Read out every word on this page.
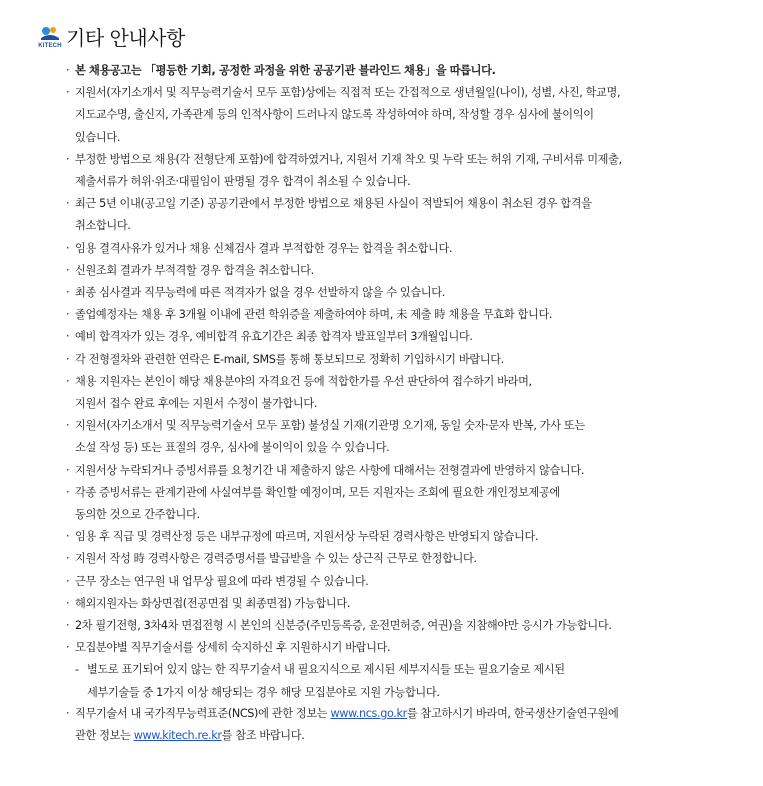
KITECH 기타 안내사항
· 본 채용공고는 「평등한 기회, 공정한 과정을 위한 공공기관 블라인드 채용」을 따릅니다.
· 지원서(자기소개서 및 직무능력기술서 모두 포함)상에는 직접적 또는 간접적으로 생년월일(나이), 성별, 사진, 학교명,
지도교수명, 출신지, 가족관계 등의 인적사항이 드러나지 않도록 작성하여야 하며, 작성할 경우 심사에 불이익이
있습니다.
· 부정한 방법으로 채용(각 전형단계 포함)에 합격하였거나, 지원서 기재 착오 및 누락 또는 허위 기재, 구비서류 미제출,
제출서류가 허위·위조·대필임이 판명될 경우 합격이 취소될 수 있습니다.
· 최근 5년 이내(공고일 기준) 공공기관에서 부정한 방법으로 채용된 사실이 적발되어 채용이 취소된 경우 합격을
취소합니다.
· 임용 결격사유가 있거나 채용 신체검사 결과 부적합한 경우는 합격을 취소합니다.
· 신원조회 결과가 부적격할 경우 합격을 취소합니다.
· 최종 심사결과 직무능력에 따른 적격자가 없을 경우 선발하지 않을 수 있습니다.
· 졸업예정자는 채용 후 3개월 이내에 관련 학위증을 제출하여야 하며, 未 제출 時 채용을 무효화 합니다.
· 예비 합격자가 있는 경우, 예비합격 유효기간은 최종 합격자 발표일부터 3개월입니다.
· 각 전형절차와 관련한 연락은 E-mail, SMS를 통해 통보되므로 정확히 기입하시기 바랍니다.
· 채용 지원자는 본인이 해당 채용분야의 자격요건 등에 적합한가를 우선 판단하여 접수하기 바라며,
지원서 접수 완료 후에는 지원서 수정이 불가합니다.
· 지원서(자기소개서 및 직무능력기술서 모두 포함) 불성실 기재(기관명 오기재, 동일 숫자·문자 반복, 가사 또는
소설 작성 등) 또는 표절의 경우, 심사에 불이익이 있을 수 있습니다.
· 지원서상 누락되거나 증빙서류를 요청기간 내 제출하지 않은 사항에 대해서는 전형결과에 반영하지 않습니다.
· 각종 증빙서류는 관계기관에 사실여부를 확인할 예정이며, 모든 지원자는 조회에 필요한 개인정보제공에
동의한 것으로 간주합니다.
· 임용 후 직급 및 경력산정 등은 내부규정에 따르며, 지원서상 누락된 경력사항은 반영되지 않습니다.
· 지원서 작성 時 경력사항은 경력증명서를 발급받을 수 있는 상근직 근무로 한정합니다.
· 근무 장소는 연구원 내 업무상 필요에 따라 변경될 수 있습니다.
· 해외지원자는 화상면접(전공면접 및 최종면접) 가능합니다.
· 2차 필기전형, 3차4차 면접전형 시 본인의 신분증(주민등록증, 운전면허증, 여권)을 지참해야만 응시가 가능합니다.
· 모집분야별 직무기술서를 상세히 숙지하신 후 지원하시기 바랍니다.
- 별도로 표기되어 있지 않는 한 직무기술서 내 필요지식으로 제시된 세부지식들 또는 필요기술로 제시된
세부기술들 중 1가지 이상 해당되는 경우 해당 모집분야로 지원 가능합니다.
· 직무기술서 내 국가직무능력표준(NCS)에 관한 정보는 www.ncs.go.kr를 참고하시기 바라며, 한국생산기술연구원에
관한 정보는 www.kitech.re.kr를 참조 바랍니다.
